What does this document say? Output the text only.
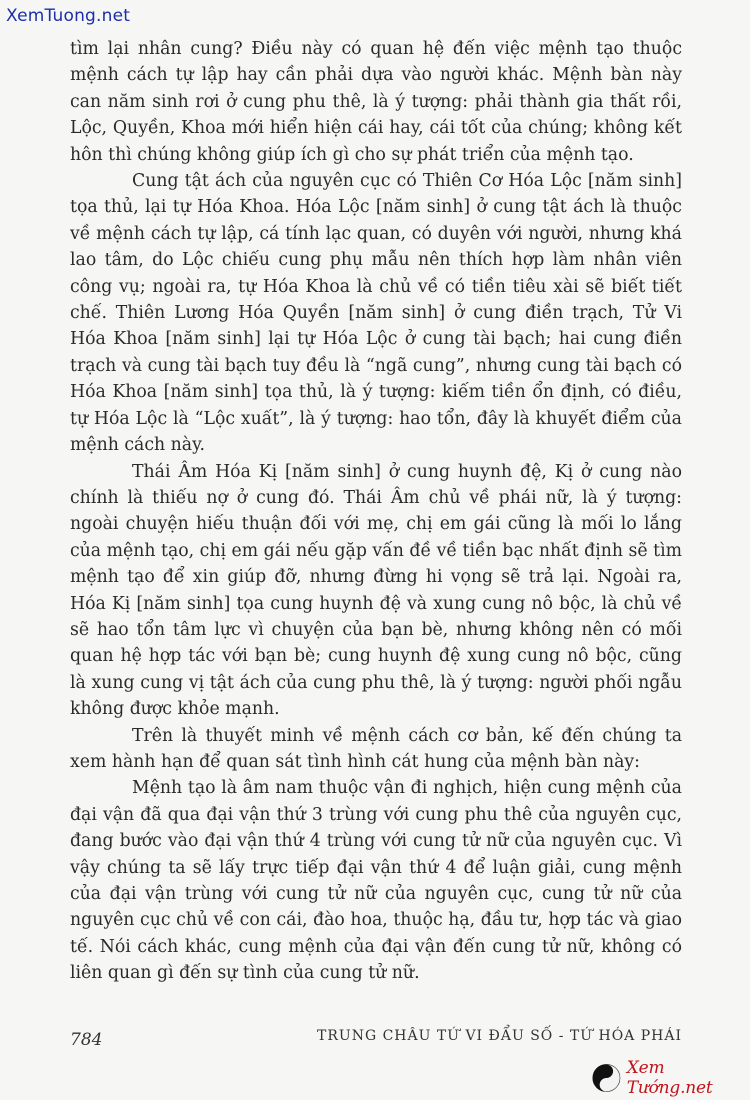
XemTuong.net

tìm lại nhân cung? Điều này có quan hệ đến việc mệnh tạo thuộc mệnh cách tự lập hay cần phải dựa vào người khác. Mệnh bàn này can năm sinh rơi ở cung phu thê, là ý tượng: phải thành gia thất rồi, Lộc, Quyền, Khoa mới hiển hiện cái hay, cái tốt của chúng; không kết hôn thì chúng không giúp ích gì cho sự phát triển của mệnh tạo.

Cung tật ách của nguyên cục có Thiên Cơ Hóa Lộc [năm sinh] tọa thủ, lại tự Hóa Khoa. Hóa Lộc [năm sinh] ở cung tật ách là thuộc về mệnh cách tự lập, cá tính lạc quan, có duyên với người, nhưng khá lao tâm, do Lộc chiếu cung phụ mẫu nên thích hợp làm nhân viên công vụ; ngoài ra, tự Hóa Khoa là chủ về có tiền tiêu xài sẽ biết tiết chế. Thiên Lương Hóa Quyền [năm sinh] ở cung điền trạch, Tử Vi Hóa Khoa [năm sinh] lại tự Hóa Lộc ở cung tài bạch; hai cung điền trạch và cung tài bạch tuy đều là “ngã cung”, nhưng cung tài bạch có Hóa Khoa [năm sinh] tọa thủ, là ý tượng: kiếm tiền ổn định, có điều, tự Hóa Lộc là “Lộc xuất”, là ý tượng: hao tổn, đây là khuyết điểm của mệnh cách này.

Thái Âm Hóa Kị [năm sinh] ở cung huynh đệ, Kị ở cung nào chính là thiếu nợ ở cung đó. Thái Âm chủ về phái nữ, là ý tượng: ngoài chuyện hiếu thuận đối với mẹ, chị em gái cũng là mối lo lắng của mệnh tạo, chị em gái nếu gặp vấn đề về tiền bạc nhất định sẽ tìm mệnh tạo để xin giúp đỡ, nhưng đừng hi vọng sẽ trả lại. Ngoài ra, Hóa Kị [năm sinh] tọa cung huynh đệ và xung cung nô bộc, là chủ về sẽ hao tổn tâm lực vì chuyện của bạn bè, nhưng không nên có mối quan hệ hợp tác với bạn bè; cung huynh đệ xung cung nô bộc, cũng là xung cung vị tật ách của cung phu thê, là ý tượng: người phối ngẫu không được khỏe mạnh.

Trên là thuyết minh về mệnh cách cơ bản, kế đến chúng ta xem hành hạn để quan sát tình hình cát hung của mệnh bàn này:

Mệnh tạo là âm nam thuộc vận đi nghịch, hiện cung mệnh của đại vận đã qua đại vận thứ 3 trùng với cung phu thê của nguyên cục, đang bước vào đại vận thứ 4 trùng với cung tử nữ của nguyên cục. Vì vậy chúng ta sẽ lấy trực tiếp đại vận thứ 4 để luận giải, cung mệnh của đại vận trùng với cung tử nữ của nguyên cục, cung tử nữ của nguyên cục chủ về con cái, đào hoa, thuộc hạ, đầu tư, hợp tác và giao tế. Nói cách khác, cung mệnh của đại vận đến cung tử nữ, không có liên quan gì đến sự tình của cung tử nữ.

784	TRUNG CHÂU TỨ VI ĐẨU SỐ - TỨ HÓA PHÁI
Xem Tướng.net
